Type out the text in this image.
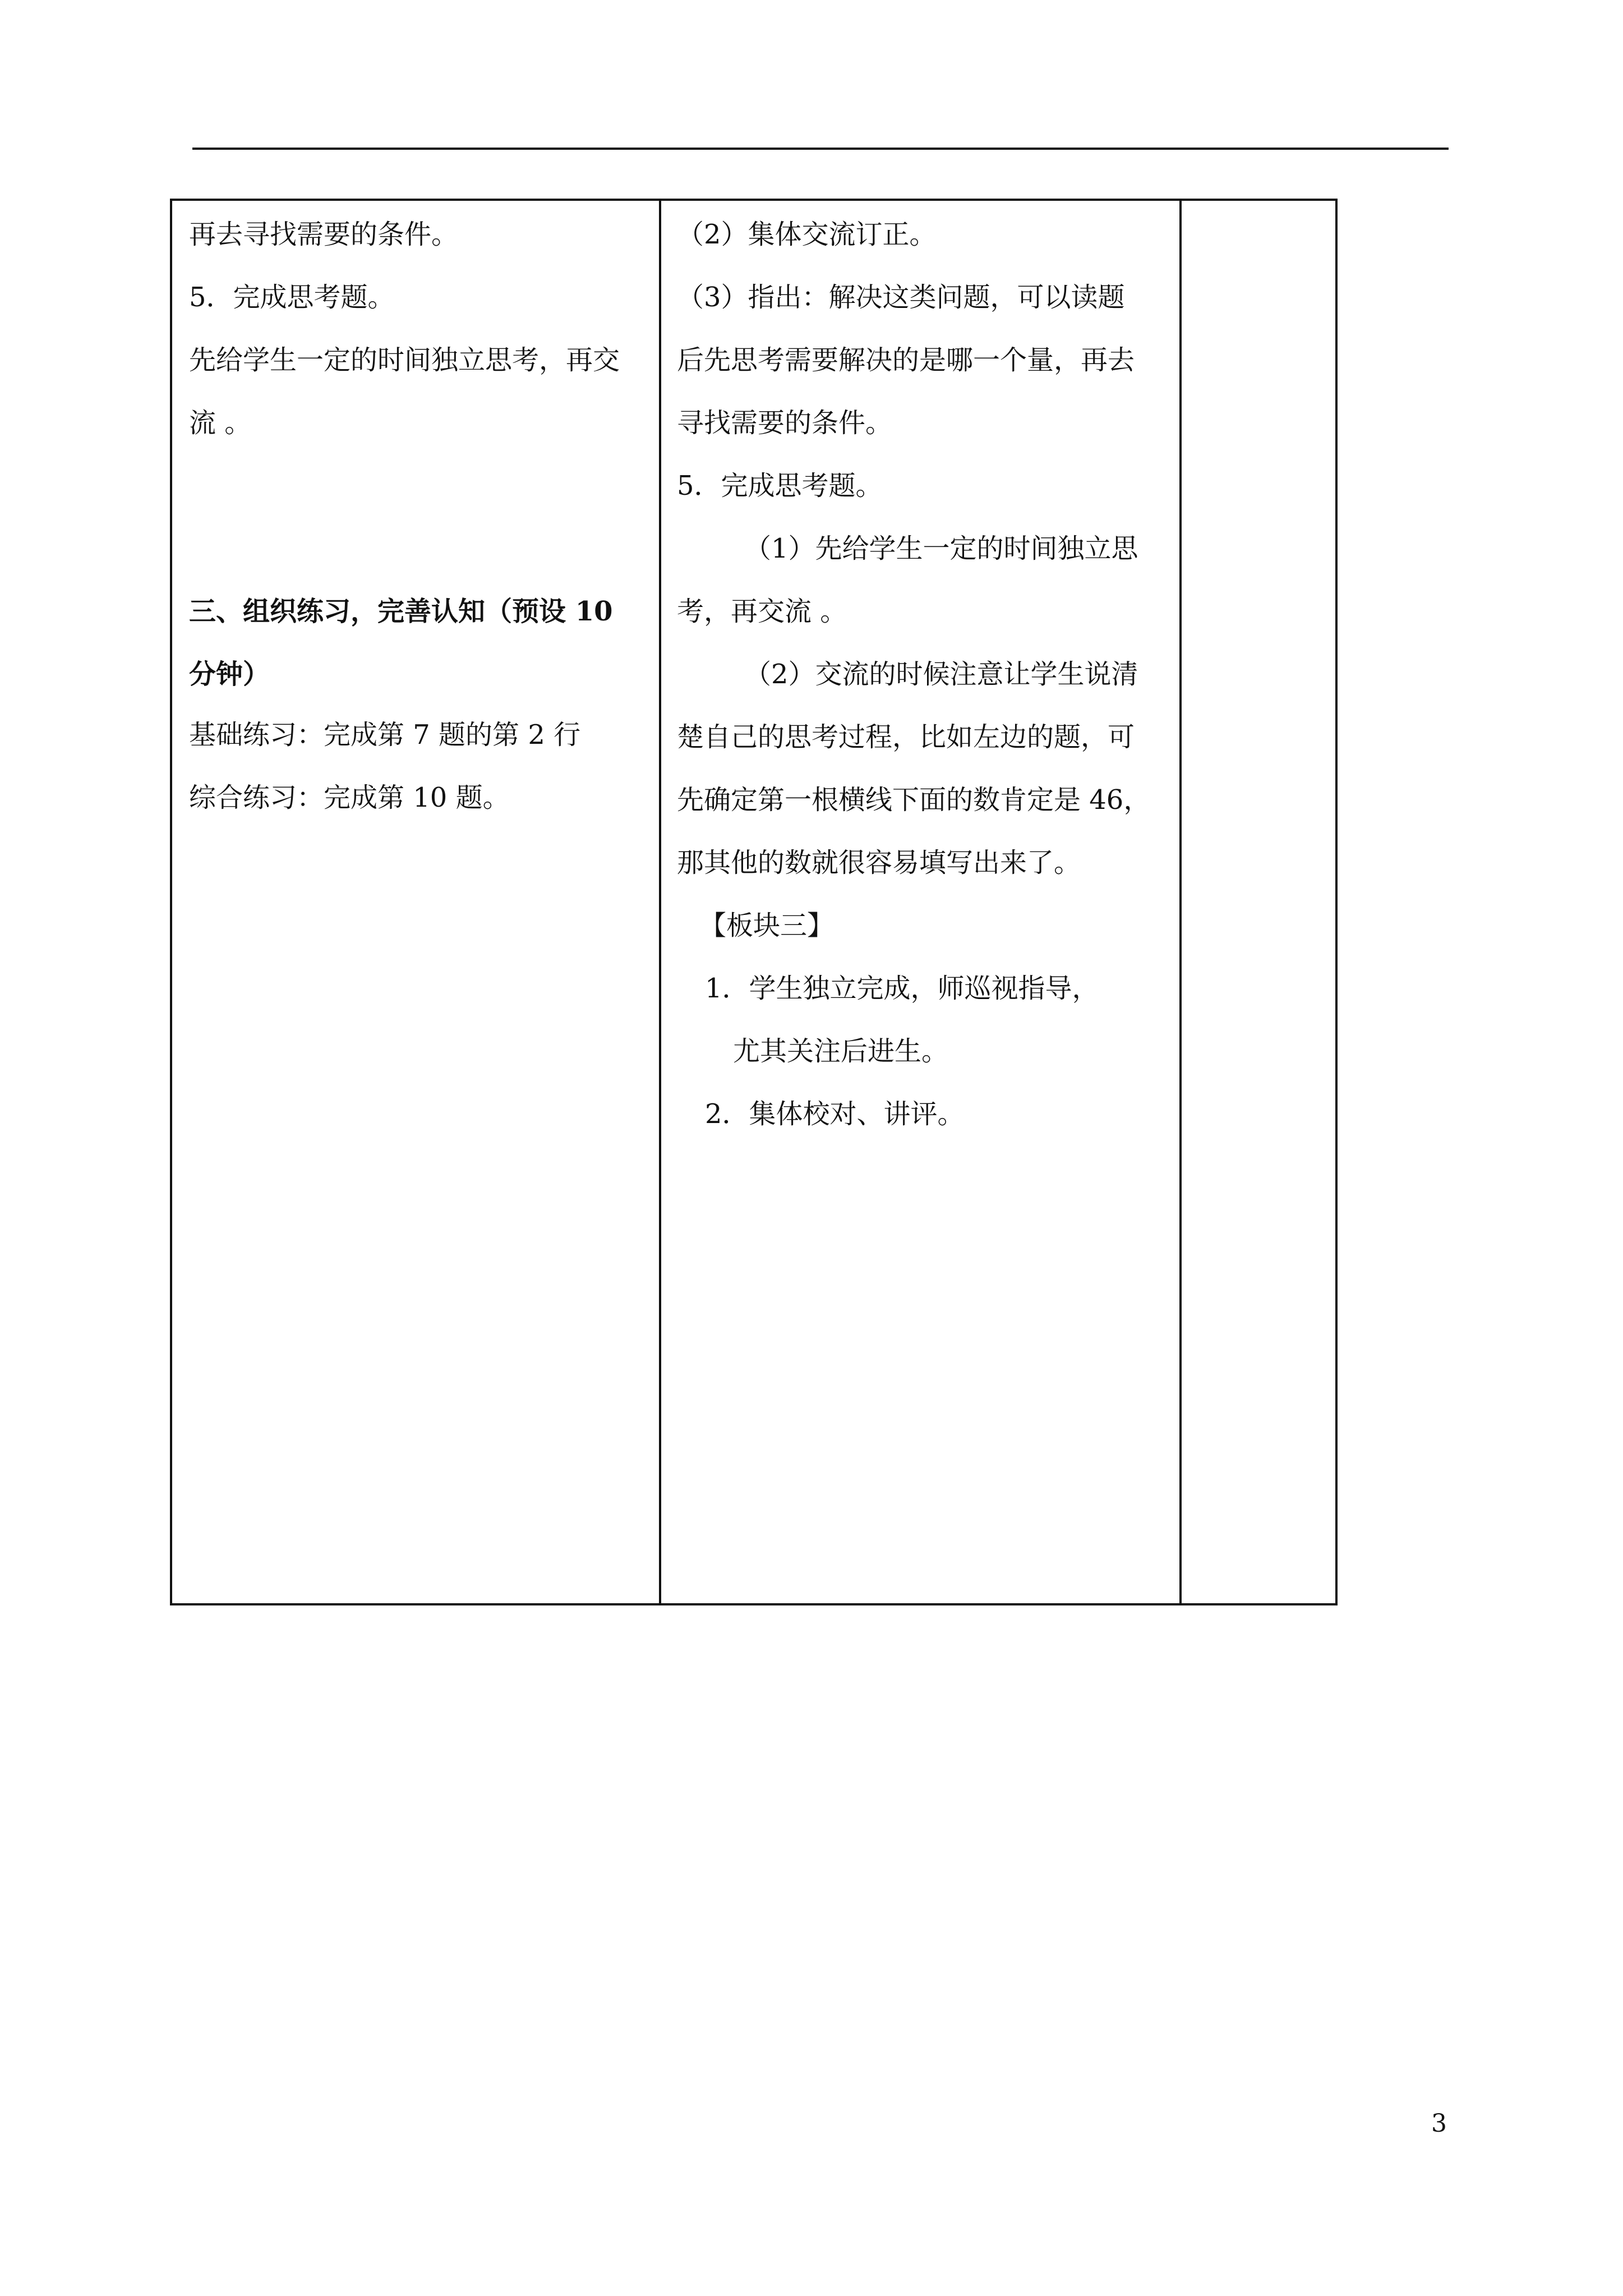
再去寻找需要的条件。
5．完成思考题。
先给学生一定的时间独立思考，再交
流 。
三、组织练习，完善认知（预设 10
分钟）
基础练习：完成第 7 题的第 2 行
综合练习：完成第 10 题。
（2）集体交流订正。
（3）指出：解决这类问题，可以读题
后先思考需要解决的是哪一个量，再去
寻找需要的条件。
5．完成思考题。
（1）先给学生一定的时间独立思
考，再交流 。
（2）交流的时候注意让学生说清
楚自己的思考过程，比如左边的题，可
先确定第一根横线下面的数肯定是 46，
那其他的数就很容易填写出来了。
【板块三】
1．学生独立完成，师巡视指导，
尤其关注后进生。
2．集体校对、讲评。
3
